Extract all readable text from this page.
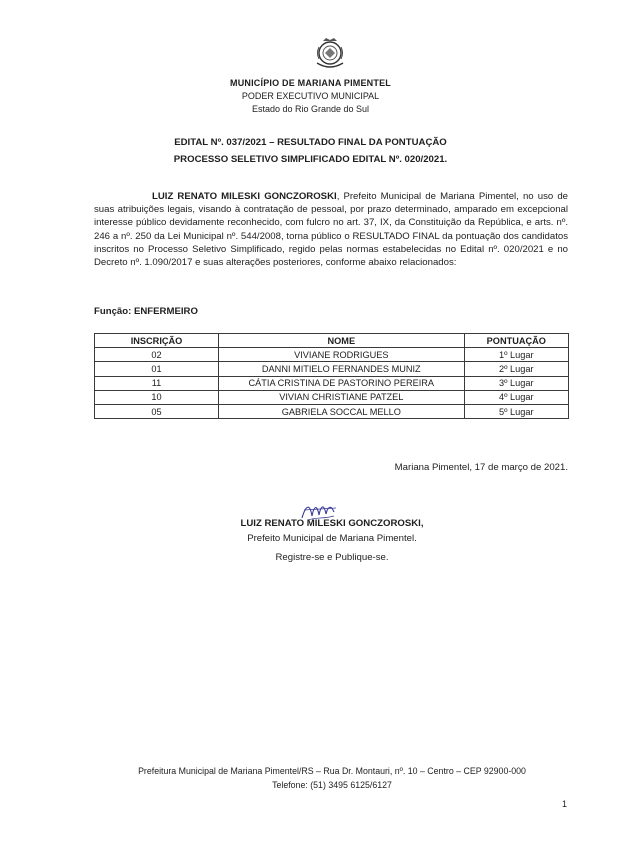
MUNICÍPIO DE MARIANA PIMENTEL
PODER EXECUTIVO MUNICIPAL
Estado do Rio Grande do Sul
EDITAL Nº. 037/2021 – RESULTADO FINAL DA PONTUAÇÃO
PROCESSO SELETIVO SIMPLIFICADO EDITAL Nº. 020/2021.
LUIZ RENATO MILESKI GONCZOROSKI, Prefeito Municipal de Mariana Pimentel, no uso de suas atribuições legais, visando à contratação de pessoal, por prazo determinado, amparado em excepcional interesse público devidamente reconhecido, com fulcro no art. 37, IX, da Constituição da República, e arts. nº. 246 a nº. 250 da Lei Municipal nº. 544/2008, torna público o RESULTADO FINAL da pontuação dos candidatos inscritos no Processo Seletivo Simplificado, regido pelas normas estabelecidas no Edital nº. 020/2021 e no Decreto nº. 1.090/2017 e suas alterações posteriores, conforme abaixo relacionados:
Função: ENFERMEIRO
INSCRIÇÃO	NOME	PONTUAÇÃO
02	VIVIANE RODRIGUES	1º Lugar
01	DANNI MITIELO FERNANDES MUNIZ	2º Lugar
11	CÁTIA CRISTINA DE PASTORINO PEREIRA	3º Lugar
10	VIVIAN CHRISTIANE PATZEL	4º Lugar
05	GABRIELA SOCCAL MELLO	5º Lugar
Mariana Pimentel, 17 de março de 2021.
LUIZ RENATO MILESKI GONCZOROSKI,
Prefeito Municipal de Mariana Pimentel.
Registre-se e Publique-se.
Prefeitura Municipal de Mariana Pimentel/RS – Rua Dr. Montauri, nº. 10 – Centro – CEP 92900-000
Telefone: (51) 3495 6125/6127
1
